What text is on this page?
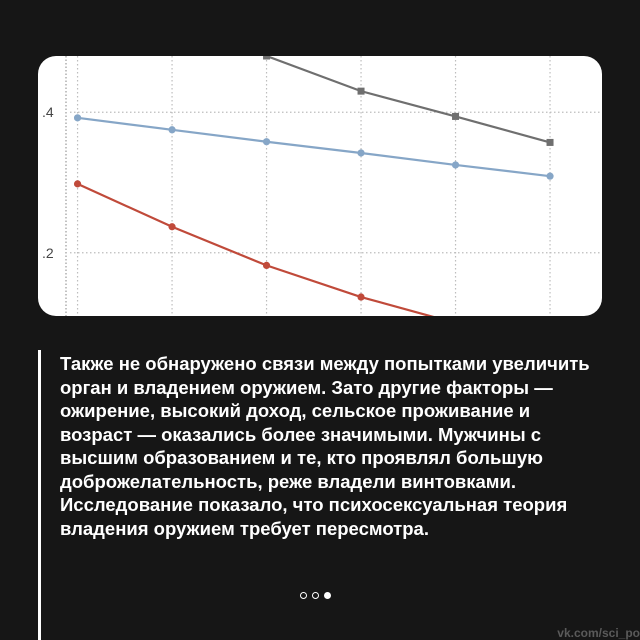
.4
.2

Также не обнаружено связи между попытками увеличить орган и владением оружием. Зато другие факторы — ожирение, высокий доход, сельское проживание и возраст — оказались более значимыми. Мужчины с высшим образованием и те, кто проявлял большую доброжелательность, реже владели винтовками. Исследование показало, что психосексуальная теория владения оружием требует пересмотра.

vk.com/sci_po
